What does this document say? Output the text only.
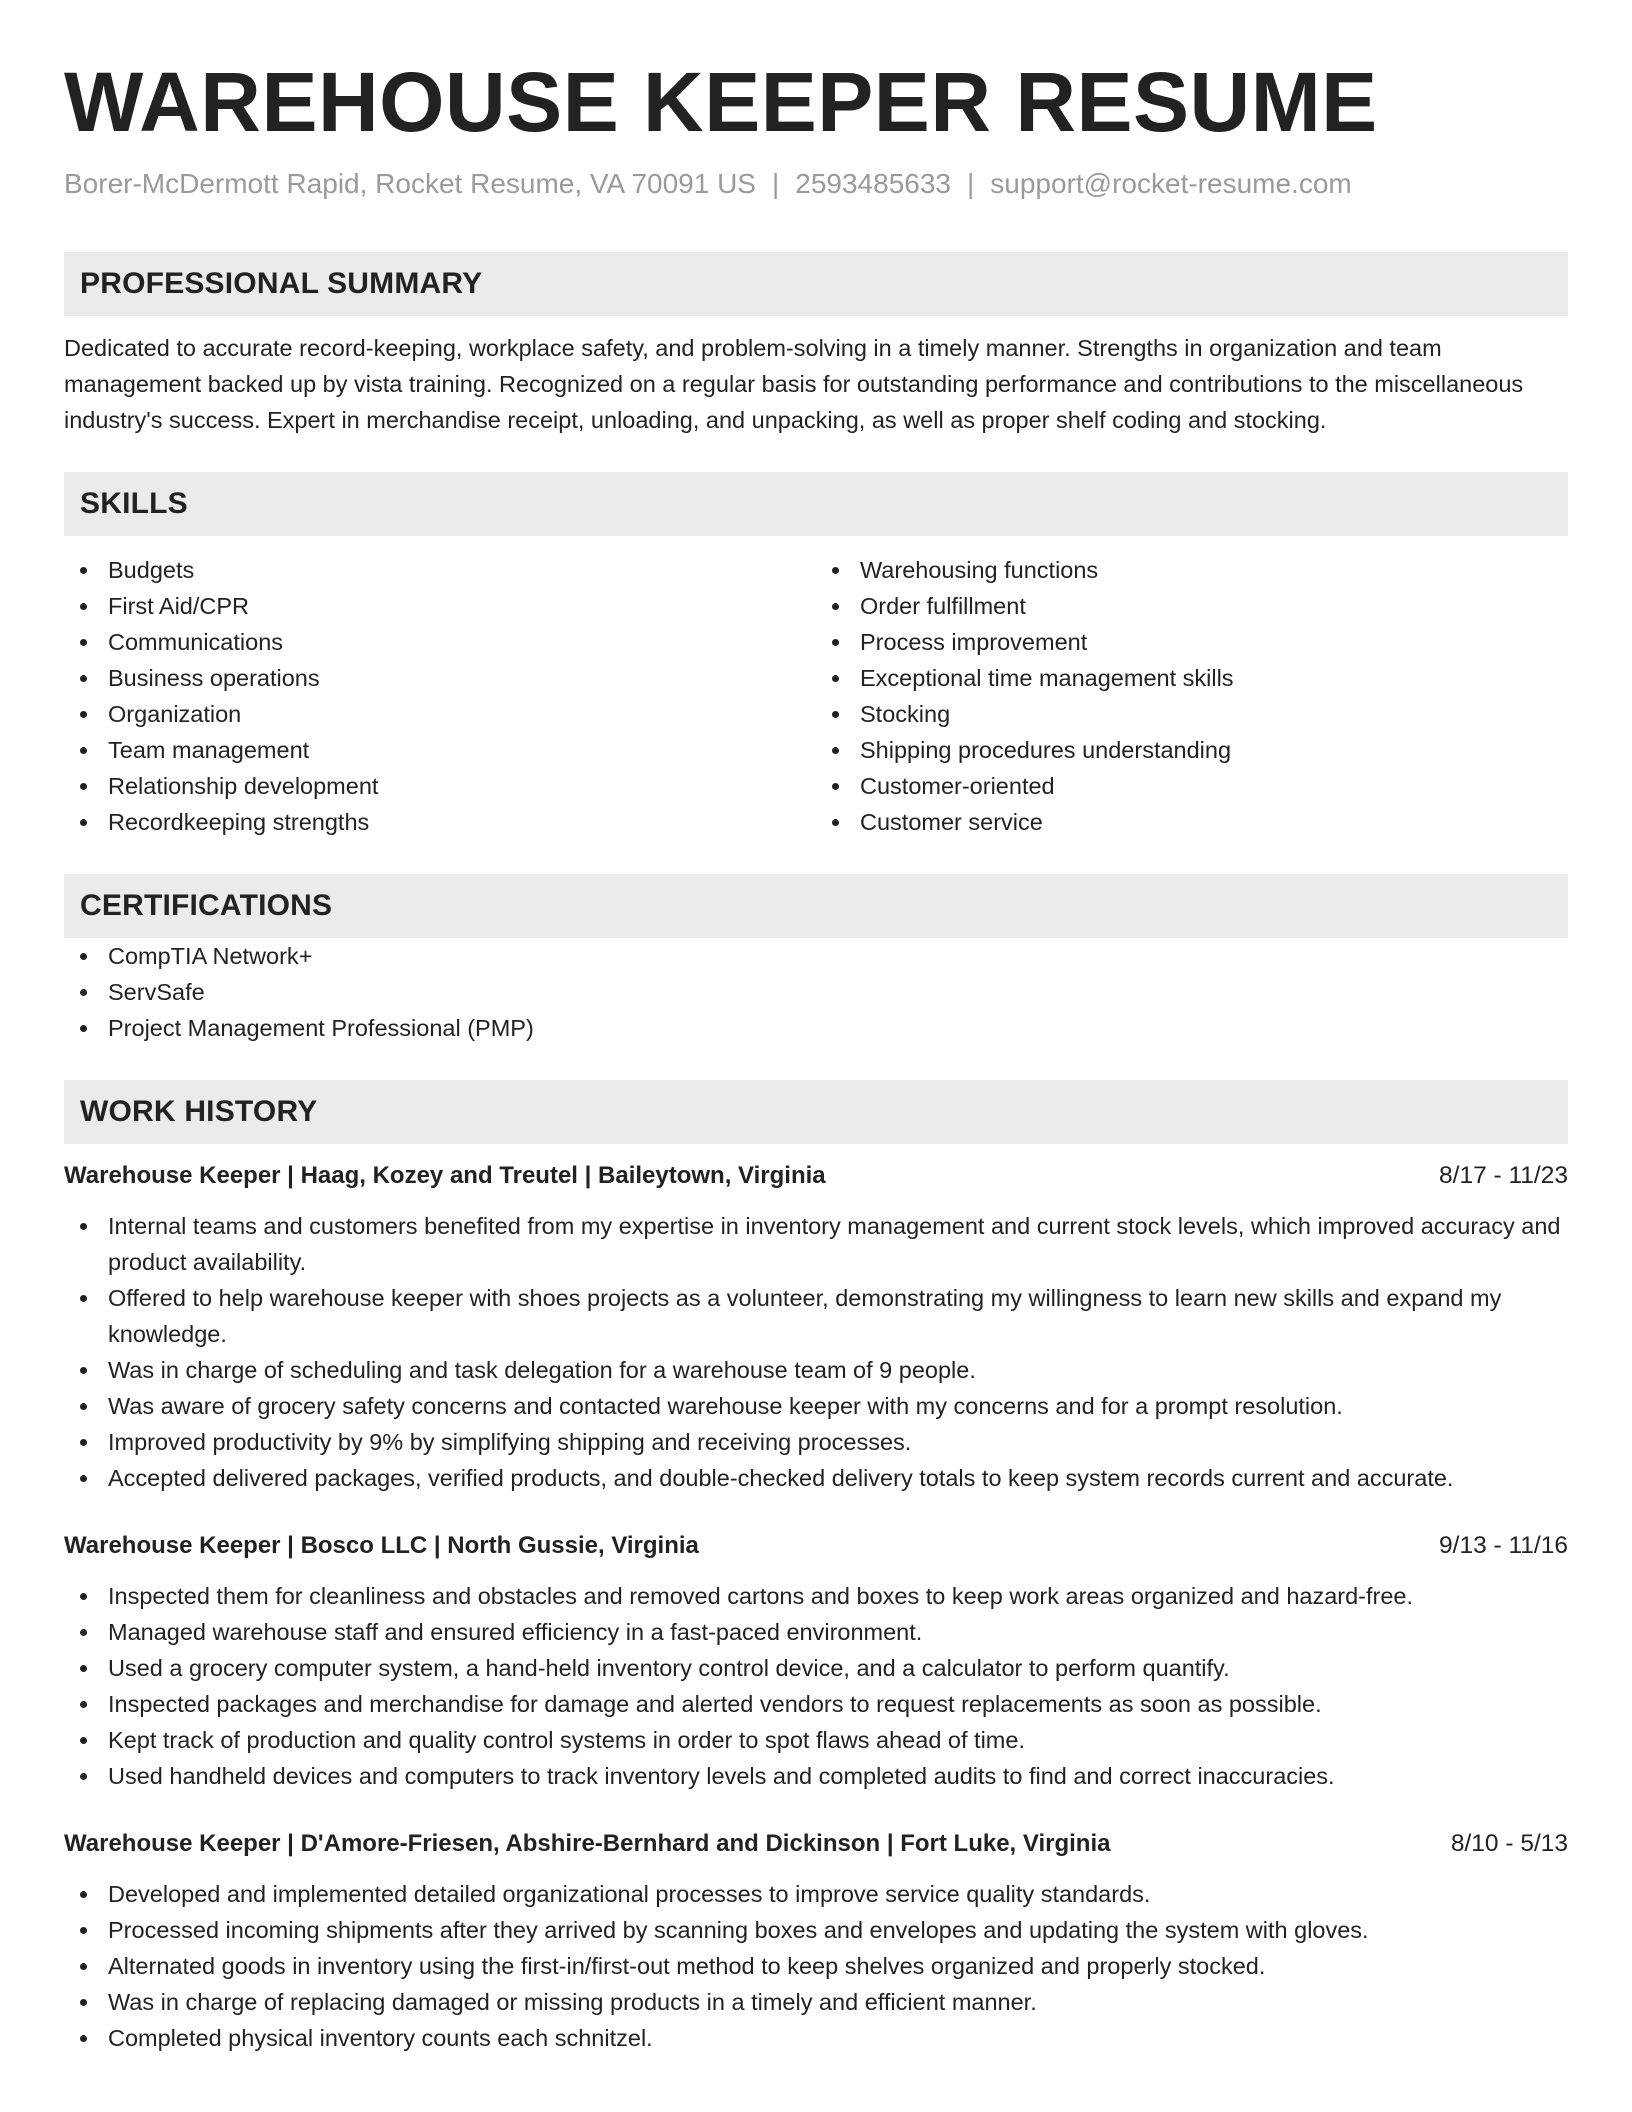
WAREHOUSE KEEPER RESUME
Borer-McDermott Rapid, Rocket Resume, VA 70091 US | 2593485633 | support@rocket-resume.com
PROFESSIONAL SUMMARY
Dedicated to accurate record-keeping, workplace safety, and problem-solving in a timely manner. Strengths in organization and team management backed up by vista training. Recognized on a regular basis for outstanding performance and contributions to the miscellaneous industry's success. Expert in merchandise receipt, unloading, and unpacking, as well as proper shelf coding and stocking.
SKILLS
Budgets
First Aid/CPR
Communications
Business operations
Organization
Team management
Relationship development
Recordkeeping strengths
Warehousing functions
Order fulfillment
Process improvement
Exceptional time management skills
Stocking
Shipping procedures understanding
Customer-oriented
Customer service
CERTIFICATIONS
CompTIA Network+
ServSafe
Project Management Professional (PMP)
WORK HISTORY
Warehouse Keeper | Haag, Kozey and Treutel | Baileytown, Virginia	8/17 - 11/23
Internal teams and customers benefited from my expertise in inventory management and current stock levels, which improved accuracy and product availability.
Offered to help warehouse keeper with shoes projects as a volunteer, demonstrating my willingness to learn new skills and expand my knowledge.
Was in charge of scheduling and task delegation for a warehouse team of 9 people.
Was aware of grocery safety concerns and contacted warehouse keeper with my concerns and for a prompt resolution.
Improved productivity by 9% by simplifying shipping and receiving processes.
Accepted delivered packages, verified products, and double-checked delivery totals to keep system records current and accurate.
Warehouse Keeper | Bosco LLC | North Gussie, Virginia	9/13 - 11/16
Inspected them for cleanliness and obstacles and removed cartons and boxes to keep work areas organized and hazard-free.
Managed warehouse staff and ensured efficiency in a fast-paced environment.
Used a grocery computer system, a hand-held inventory control device, and a calculator to perform quantify.
Inspected packages and merchandise for damage and alerted vendors to request replacements as soon as possible.
Kept track of production and quality control systems in order to spot flaws ahead of time.
Used handheld devices and computers to track inventory levels and completed audits to find and correct inaccuracies.
Warehouse Keeper | D'Amore-Friesen, Abshire-Bernhard and Dickinson | Fort Luke, Virginia	8/10 - 5/13
Developed and implemented detailed organizational processes to improve service quality standards.
Processed incoming shipments after they arrived by scanning boxes and envelopes and updating the system with gloves.
Alternated goods in inventory using the first-in/first-out method to keep shelves organized and properly stocked.
Was in charge of replacing damaged or missing products in a timely and efficient manner.
Completed physical inventory counts each schnitzel.
